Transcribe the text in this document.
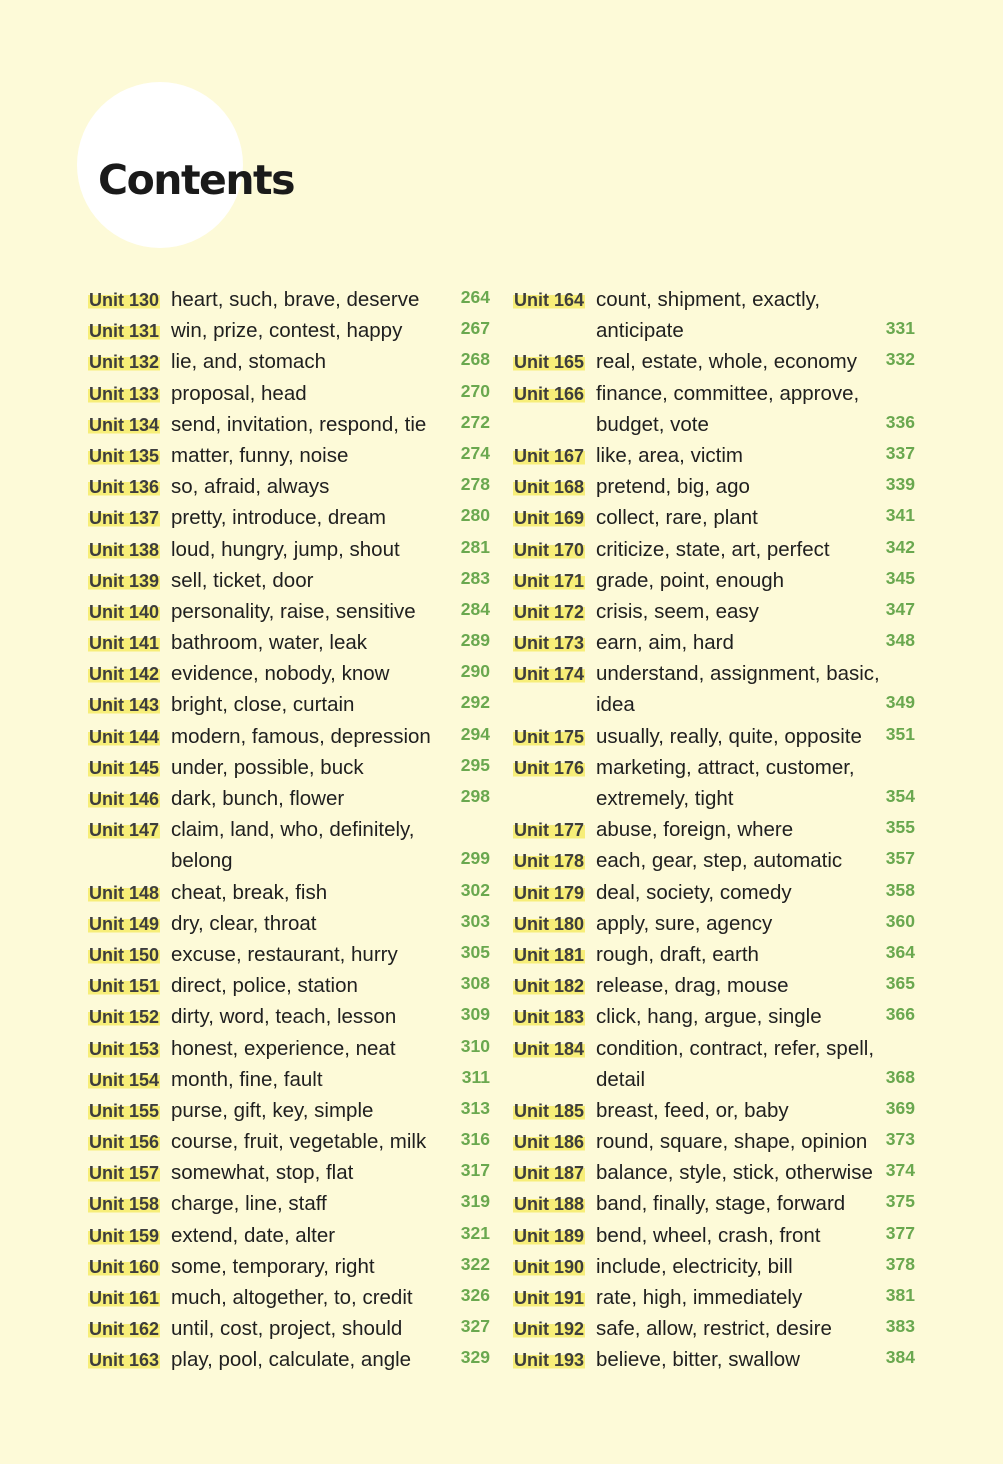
Contents
Unit 130 heart, such, brave, deserve 264
Unit 131 win, prize, contest, happy	267
Unit 132 lie, and, stomach	268
Unit 133 proposal, head	270
Unit 134 send, invitation, respond, tie 272
Unit 135 matter, funny, noise	274
Unit 136 so, afraid, always	278
Unit 137 pretty, introduce, dream	280
Unit 138 loud, hungry, jump, shout	281
Unit 139 sell, ticket, door	283
Unit 140 personality, raise, sensitive	284
Unit 141 bathroom, water, leak	289
Unit 142 evidence, nobody, know	290
Unit 143 bright, close, curtain	292
Unit 144 modern, famous, depression 294
Unit 145 under, possible, buck	295
Unit 146 dark, bunch, flower	298
Unit 147 claim, land, who, definitely,
belong	299
Unit 148 cheat, break, fish	302
Unit 149 dry, clear, throat	303
Unit 150 excuse, restaurant, hurry	305
Unit 151 direct, police, station	308
Unit 152 dirty, word, teach, lesson	309
Unit 153 honest, experience, neat	310
Unit 154 month, fine, fault	311
Unit 155 purse, gift, key, simple	313
Unit 156 course, fruit, vegetable, milk 316
Unit 157 somewhat, stop, flat	317
Unit 158 charge, line, staff	319
Unit 159 extend, date, alter	321
Unit 160 some, temporary, right	322
Unit 161 much, altogether, to, credit	326
Unit 162 until, cost, project, should	327
Unit 163 play, pool, calculate, angle	329
Unit 164 count, shipment, exactly,
anticipate	331
Unit 165 real, estate, whole, economy 332
Unit 166 finance, committee, approve,
budget, vote	336
Unit 167 like, area, victim	337
Unit 168 pretend, big, ago	339
Unit 169 collect, rare, plant	341
Unit 170 criticize, state, art, perfect	342
Unit 171 grade, point, enough	345
Unit 172 crisis, seem, easy	347
Unit 173 earn, aim, hard	348
Unit 174 understand, assignment, basic,
idea	349
Unit 175 usually, really, quite, opposite 351
Unit 176 marketing, attract, customer,
extremely, tight	354
Unit 177 abuse, foreign, where	355
Unit 178 each, gear, step, automatic 357
Unit 179 deal, society, comedy	358
Unit 180 apply, sure, agency	360
Unit 181 rough, draft, earth	364
Unit 182 release, drag, mouse	365
Unit 183 click, hang, argue, single	366
Unit 184 condition, contract, refer, spell,
detail	368
Unit 185 breast, feed, or, baby	369
Unit 186 round, square, shape, opinion 373
Unit 187 balance, style, stick, otherwise 374
Unit 188 band, finally, stage, forward 375
Unit 189 bend, wheel, crash, front	377
Unit 190 include, electricity, bill	378
Unit 191 rate, high, immediately	381
Unit 192 safe, allow, restrict, desire	383
Unit 193 believe, bitter, swallow	384
